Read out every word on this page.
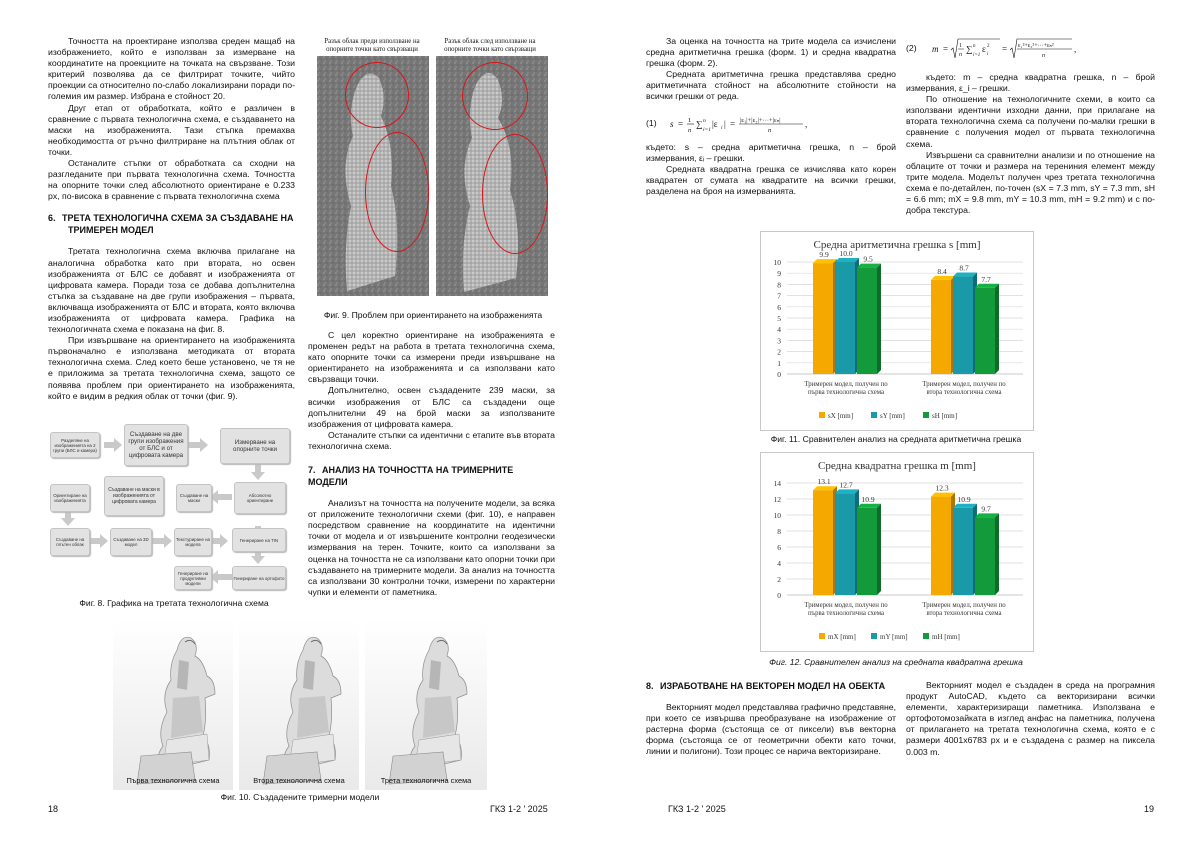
Точността на проектиране използва среден мащаб на изображението, който е използван за измерване на координатите на проекциите на точката на свързване. Този критерий позволява да се филтрират точките, чийто проекции са относително по-слабо локализирани поради по-големия им размер. Избрана е стойност 20.

Друг етап от обработката, който е различен в сравнение с първата технологична схема, е създаването на маски на изображенията. Тази стъпка премахва необходимостта от ръчно филтриране на плътния облак от точки.

Останалите стъпки от обработката са сходни на разгледаните при първата технологична схема. Точността на опорните точки след абсолютното ориентиране е 0.233 px, по-висока в сравнение с първата технологична схема

6. ТРЕТА ТЕХНОЛОГИЧНА СХЕМА ЗА СЪЗДАВАНЕ НА
ТРИМЕРЕН МОДЕЛ

Третата технологична схема включва прилагане на аналогична обработка като при втората, но освен изображенията от БЛС се добавят и изображенията от цифровата камера. Поради тоза се добава допълнителна стъпка за създаване на две групи изображения – първата, включваща изображенията от БЛС и втората, която включва изображенията от цифровата камера. Графика на технологичната схема е показана на фиг. 8.

При извършване на ориентирането на изображенията първоначално е използвана методиката от втората технологична схема. След което беше установено, че тя не е приложима за третата технологична схема, защото се появява проблем при ориентирането на изображенията, който е видим в редкия облак от точки (фиг. 9).

Разделяне на изображенията на 2 групи (БЛС и камера)
Създаване на две групи изображения от БЛС и от цифровата камера
Измерване на опорните точки
Абсолютно ориентиране
Създаване на маски
Създаване на маски в изображенията от цифровата камера
Ориентиране на изображенията
Създаване на плътен облак
Създаване на 3D модел
Текстуриране на модела
Генериране на TIN
Генериране на ортофото
Генериране на продуктивни модели
Фиг. 8. Графика на третата технологична схема
Разък облак преди използване на опорните точки като свързващи
Разък облак след използване на опорните точки като свързващи
Фиг. 9. Проблем при ориентирането на изображенията

С цел коректно ориентиране на изображенията е променен редът на работа в третата технологична схема, като опорните точки са измерени преди извършване на ориентирането на изображенията и са използвани като свързващи точки.

Допълнително, освен създадените 239 маски, за всички изображения от БЛС са създадени още допълнителни 49 на брой маски за използваните изображения от цифровата камера.

Останалите стъпки са идентични с етапите във втората технологична схема.

7. АНАЛИЗ НА ТОЧНОСТТА НА ТРИМЕРНИТЕ МОДЕЛИ

Анализът на точността на получените модели, за всяка от приложените технологични схеми (фиг. 10), е направен посредством сравнение на координатите на идентични точки от модела и от извършените контролни геодезически измервания на терен. Точките, които са използвани за оценка на точността не са използвани като опорни точки при създаването на тримерните модели. За анализ на точността са използвани 30 контролни точки, измерени по характерни чупки и елементи от паметника.

Първа технологична схема	Втора технологична схема	Трета технологична схема
Фиг. 10. Създадените тримерни модели
18	ГКЗ 1-2 ' 2025

За оценка на точността на трите модела са изчислени средна аритметична грешка (форм. 1) и средна квадратна грешка (форм. 2).

Средната аритметична грешка представлява средно аритметичната стойност на абсолютните стойности на всички грешки от реда.

(1) s = 1
n
∑ n
i=1
|ε i | = |ε₁|+|ε₂|+···+|εₙ|
n
,

където: s – средна аритметична грешка, n – брой измервания, εᵢ – грешки.

Средната квадратна грешка се изчислява като корен квадратен от сумата на квадратите на всички грешки, разделена на броя на измерванията.

(2) m = 1
n
∑ n
i=1
ε 2
i
= ε₁²+ε₂²+···+εₙ²
n
,

където: m – средна квадратна грешка, n – брой измервания, ε_i – грешки.

По отношение на технологичните схеми, в които са използвани идентични изходни данни, при прилагане на втората технологична схема са получени по-малки грешки в сравнение с получения модел от първата технологична схема.

Извършени са сравнителни анализи и по отношение на облаците от точки и размера на терениния елемент между трите модела. Моделът получен чрез третата технологична схема е по-детайлен, по-точен (sX = 7.3 mm, sY = 7.3 mm, sH = 6.6 mm; mX = 9.8 mm, mY = 10.3 mm, mH = 9.2 mm) и с по-добра текстура.

Средна аритметична грешка s [mm]
0
1
2
3
4
5
6
7
8
9
10
9.9 10.0
9.5
Тримерен модел, получен по
първа технологична схема
8.4 8.7
7.7
Тримерен модел, получен по
втора технологична схема
sX [mm]	sY [mm]	sH [mm]
Фиг. 11. Сравнителен анализ на средната аритметична грешка
Средна квадратна грешка m [mm]
0
2
4
6
8
10
12
14	13.1 12.7
10.9
Тримерен модел, получен по
първа технологична схема
12.3
10.9
9.7
Тримерен модел, получен по
втора технологична схема
mX [mm]	mY [mm]	mH [mm]
Фиг. 12. Сравнителен анализ на средната квадратна грешка
8. ИЗРАБОТВАНЕ НА ВЕКТОРЕН МОДЕЛ НА ОБЕКТА

Векторният модел представлява графично представяне, при което се извършва преобразуване на изображение от растерна форма (състояща се от пиксели) във векторна форма (състояща се от геометрични обекти като точки, линии и полигони). Този процес се нарича векторизиране.

Векторният модел е създаден в среда на програмния продукт AutoCAD, където са векторизирани всички елементи, характеризиращи паметника. Използвана е ортофотомозайката в изглед анфас на паметника, получена от прилагането на третата технологична схема, която е с размери 4001x6783 px и е създадена с размер на пиксела 0.003 m.

ГКЗ 1-2 ' 2025	19
